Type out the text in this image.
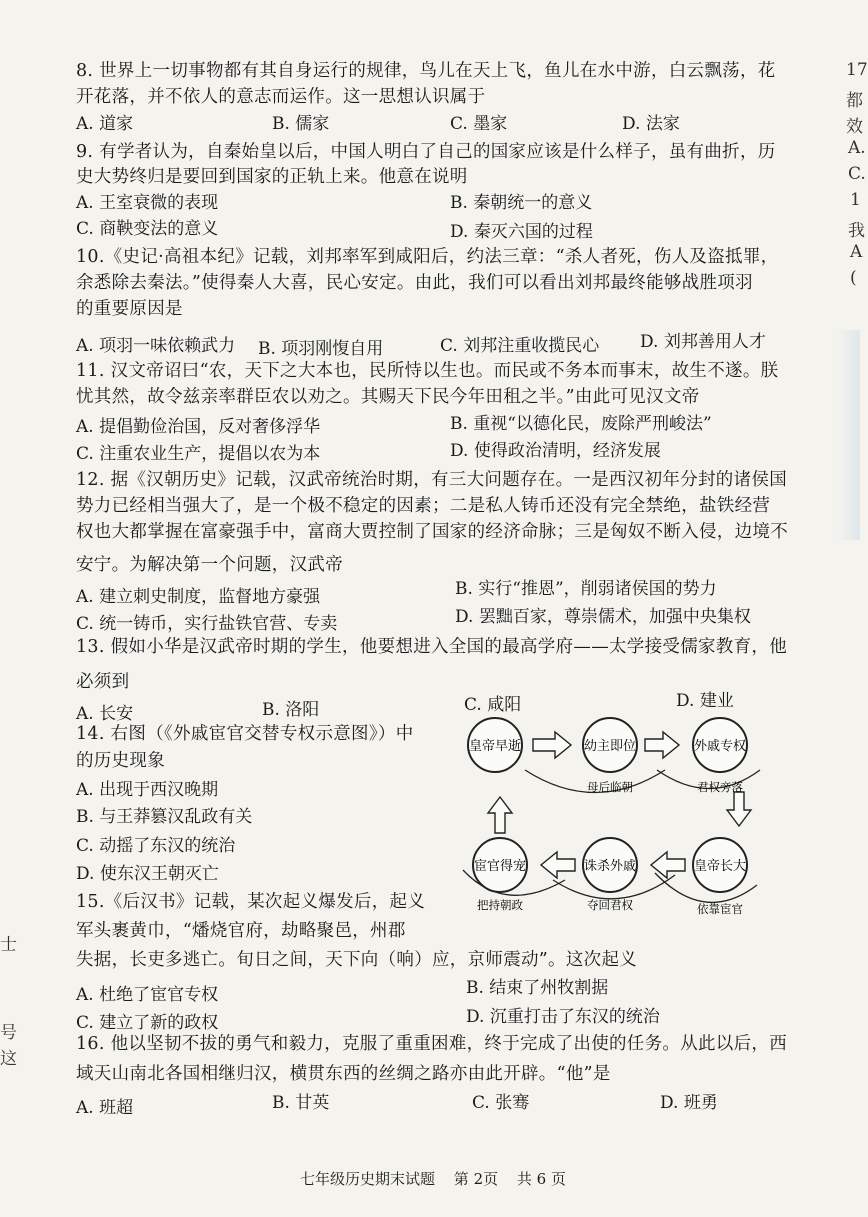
8. 世界上一切事物都有其自身运行的规律，鸟儿在天上飞，鱼儿在水中游，白云飘荡，花
开花落，并不依人的意志而运作。这一思想认识属于
A. 道家	B. 儒家	C. 墨家	D. 法家
9. 有学者认为，自秦始皇以后，中国人明白了自己的国家应该是什么样子，虽有曲折，历
史大势终归是要回到国家的正轨上来。他意在说明
A. 王室衰微的表现	B. 秦朝统一的意义
C. 商鞅变法的意义	D. 秦灭六国的过程
10.《史记·高祖本纪》记载，刘邦率军到咸阳后，约法三章：“杀人者死，伤人及盗抵罪，
余悉除去秦法。”使得秦人大喜，民心安定。由此，我们可以看出刘邦最终能够战胜项羽
的重要原因是
A. 项羽一味依赖武力 B. 项羽刚愎自用	C. 刘邦注重收揽民心 D. 刘邦善用人才
11. 汉文帝诏曰“农，天下之大本也，民所恃以生也。而民或不务本而事末，故生不遂。朕
忧其然，故令兹亲率群臣农以劝之。其赐天下民今年田租之半。”由此可见汉文帝
A. 提倡勤俭治国，反对奢侈浮华	B. 重视“以德化民，废除严刑峻法”
C. 注重农业生产，提倡以农为本	D. 使得政治清明，经济发展
12. 据《汉朝历史》记载，汉武帝统治时期，有三大问题存在。一是西汉初年分封的诸侯国
势力已经相当强大了，是一个极不稳定的因素；二是私人铸币还没有完全禁绝，盐铁经营
权也大都掌握在富豪强手中，富商大贾控制了国家的经济命脉；三是匈奴不断入侵，边境不
安宁。为解决第一个问题，汉武帝
A. 建立刺史制度，监督地方豪强	B. 实行“推恩”，削弱诸侯国的势力
C. 统一铸币，实行盐铁官营、专卖	D. 罢黜百家，尊崇儒术，加强中央集权
13. 假如小华是汉武帝时期的学生，他要想进入全国的最高学府——太学接受儒家教育，他
必须到
A. 长安	B. 洛阳	C. 咸阳	D. 建业
14. 右图（《外戚宦官交替专权示意图》）中
的历史现象
A. 出现于西汉晚期
B. 与王莽篡汉乱政有关
C. 动摇了东汉的统治
D. 使东汉王朝灭亡
15.《后汉书》记载，某次起义爆发后，起义
军头裹黄巾，“燔烧官府，劫略聚邑，州郡
失据，长吏多逃亡。旬日之间，天下向（响）应，京师震动”。这次起义
A. 杜绝了宦官专权	B. 结束了州牧割据
C. 建立了新的政权	D. 沉重打击了东汉的统治
16. 他以坚韧不拔的勇气和毅力，克服了重重困难，终于完成了出使的任务。从此以后，西
域天山南北各国相继归汉，横贯东西的丝绸之路亦由此开辟。“他”是
A. 班超	B. 甘英	C. 张骞	D. 班勇
皇帝早逝	幼主即位	外戚专权
皇帝长大
诛杀外戚
宦官得宠
母后临朝	君权旁落
依靠宦官
夺回君权
把持朝政
17
都
效
A.
C.
1
我
A
(
士
号
这
七年级历史期末试题 第 2页 共 6 页
